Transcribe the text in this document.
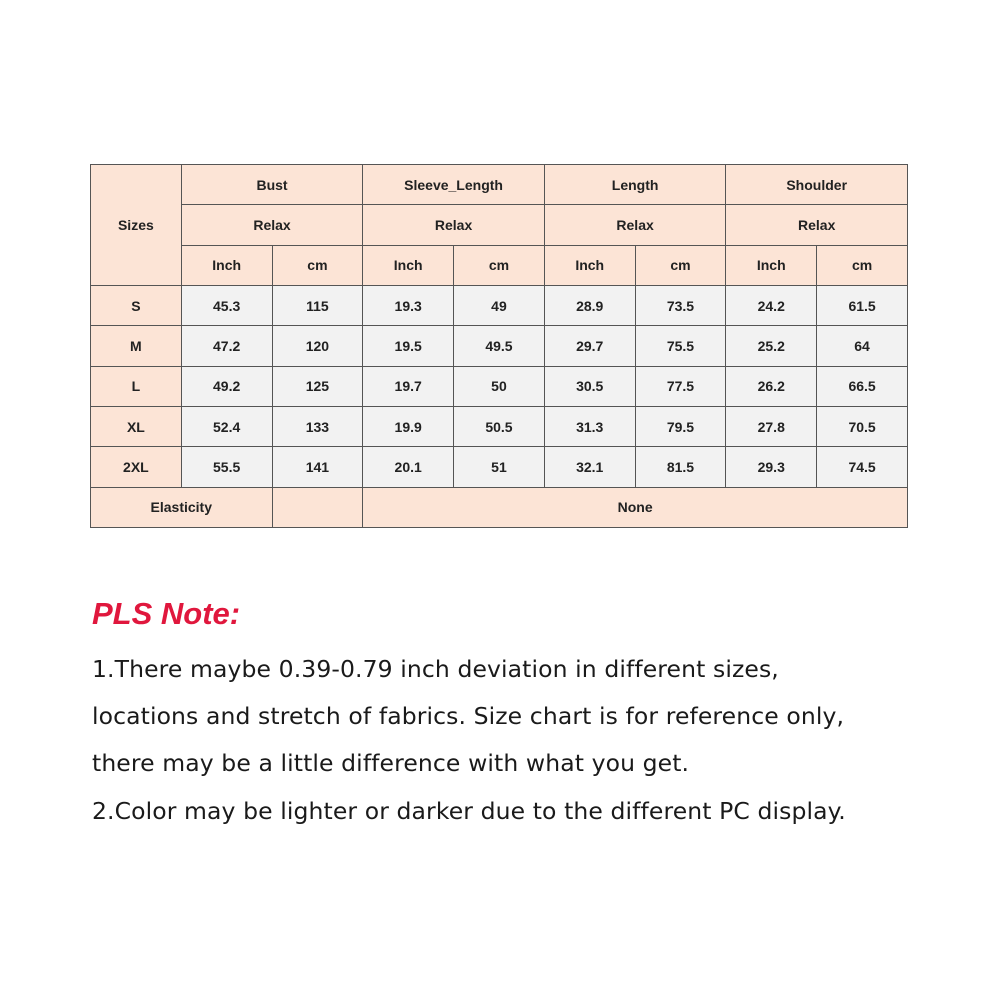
Sizes	Bust		Sleeve_Length		Length		Shoulder	
	Relax		Relax		Relax		Relax	
	Inch	cm	Inch	cm	Inch	cm	Inch	cm
S	45.3	115	19.3	49	28.9	73.5	24.2	61.5
M	47.2	120	19.5	49.5	29.7	75.5	25.2	64
L	49.2	125	19.7	50	30.5	77.5	26.2	66.5
XL	52.4	133	19.9	50.5	31.3	79.5	27.8	70.5
2XL	55.5	141	20.1	51	32.1	81.5	29.3	74.5
Elasticity			None					

PLS Note:

1.There maybe 0.39-0.79 inch deviation in different sizes,

locations and stretch of fabrics. Size chart is for reference only,

there may be a little difference with what you get.

2.Color may be lighter or darker due to the different PC display.
